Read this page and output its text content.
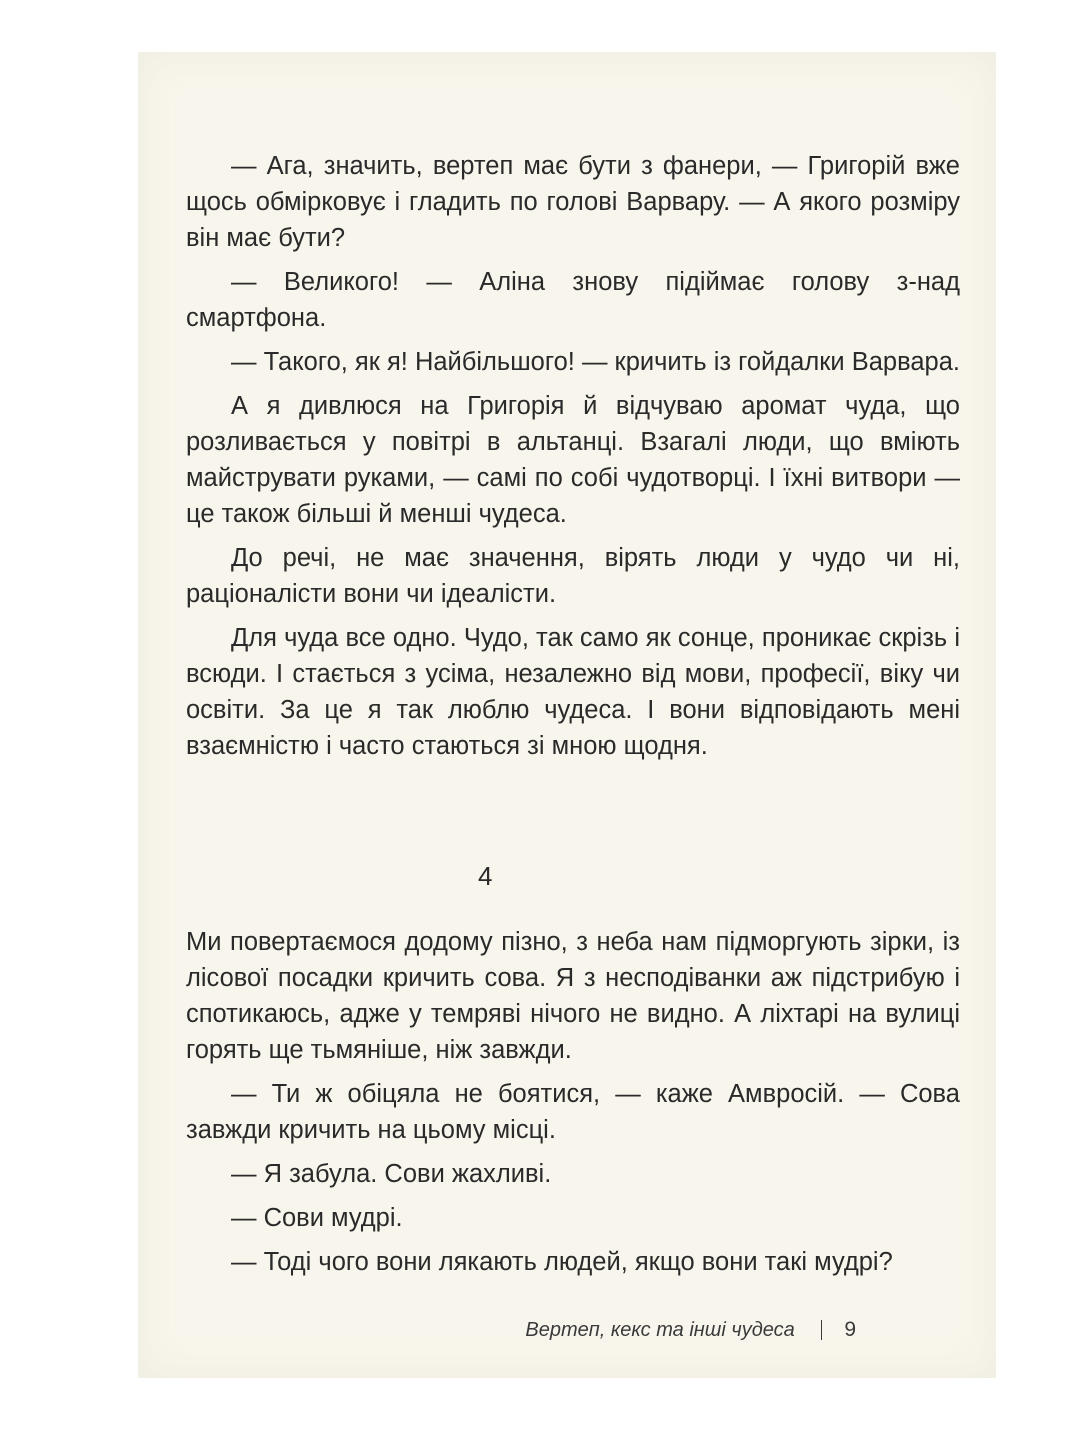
— Ага, значить, вертеп має бути з фанери, — Григорій вже щось обмірковує і гладить по голові Варвару. — А якого розміру він має бути?

— Великого! — Аліна знову підіймає голову з-над смартфона.

— Такого, як я! Найбільшого! — кричить із гойдалки Варвара.

А я дивлюся на Григорія й відчуваю аромат чуда, що розливається у повітрі в альтанці. Взагалі люди, що вміють майструвати руками, — самі по собі чудотворці. І їхні витвори — це також більші й менші чудеса.

До речі, не має значення, вірять люди у чудо чи ні, раціоналісти вони чи ідеалісти.

Для чуда все одно. Чудо, так само як сонце, проникає скрізь і всюди. І стається з усіма, незалежно від мови, професії, віку чи освіти. За це я так люблю чудеса. І вони відповідають мені взаємністю і часто стаються зі мною щодня.

4

Ми повертаємося додому пізно, з неба нам підморгують зірки, із лісової посадки кричить сова. Я з несподіванки аж підстрибую і спотикаюсь, адже у темряві нічого не видно. А ліхтарі на вулиці горять ще тьмяніше, ніж завжди.

— Ти ж обіцяла не боятися, — каже Амвросій. — Сова завжди кричить на цьому місці.

— Я забула. Сови жахливі.

— Сови мудрі.

— Тоді чого вони лякають людей, якщо вони такі мудрі?

Вертеп, кекс та інші чудеса 9
